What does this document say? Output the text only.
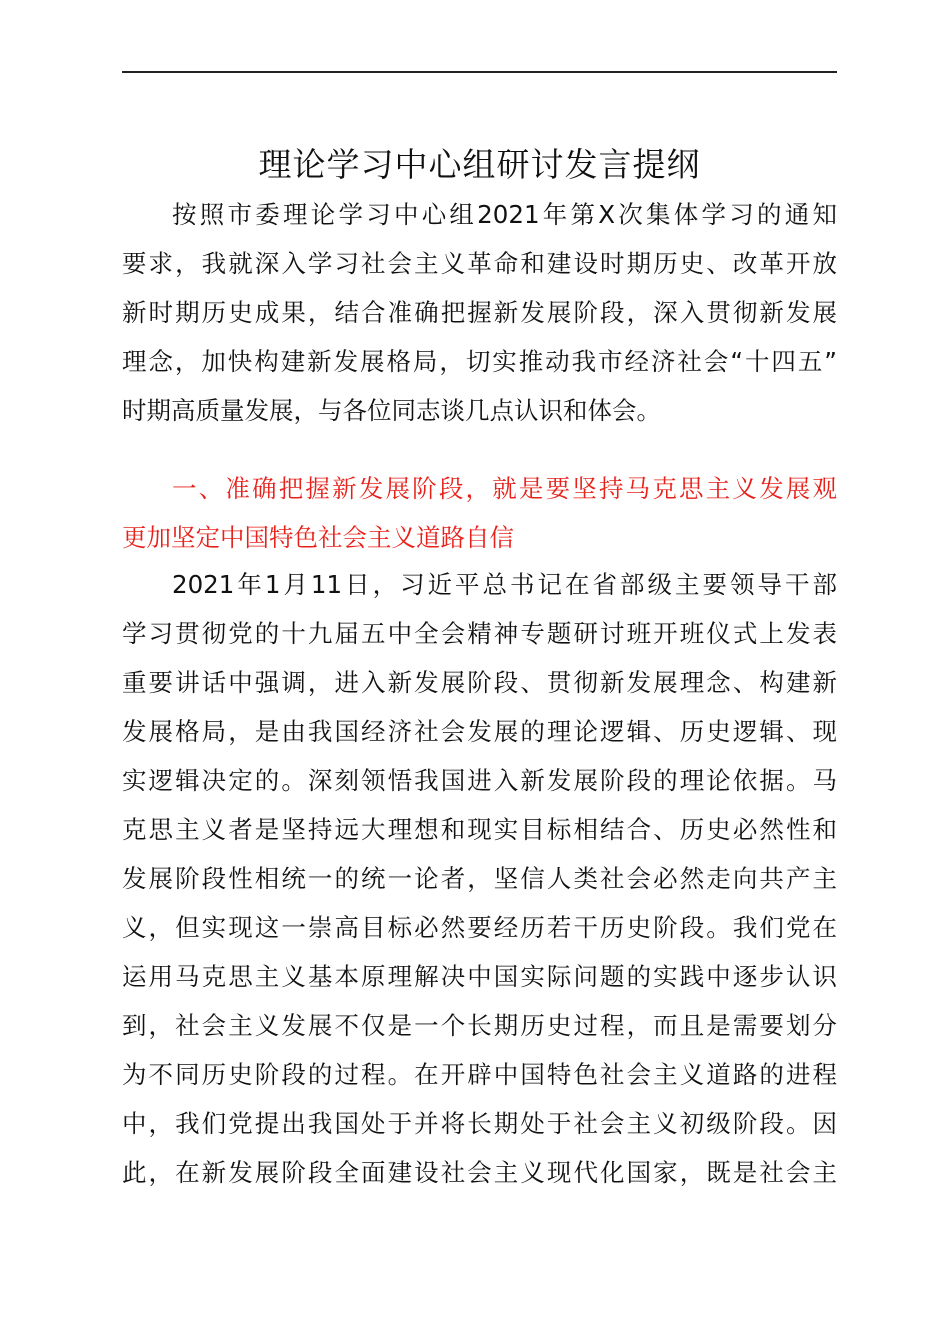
理论学习中心组研讨发言提纲
按照市委理论学习中心组2021年第X次集体学习的通知
要求，我就深入学习社会主义革命和建设时期历史、改革开放
新时期历史成果，结合准确把握新发展阶段，深入贯彻新发展
理念，加快构建新发展格局，切实推动我市经济社会“十四五”
时期高质量发展，与各位同志谈几点认识和体会。
一、准确把握新发展阶段，就是要坚持马克思主义发展观
更加坚定中国特色社会主义道路自信
2021年1月11日，习近平总书记在省部级主要领导干部
学习贯彻党的十九届五中全会精神专题研讨班开班仪式上发表
重要讲话中强调，进入新发展阶段、贯彻新发展理念、构建新
发展格局，是由我国经济社会发展的理论逻辑、历史逻辑、现
实逻辑决定的。深刻领悟我国进入新发展阶段的理论依据。马
克思主义者是坚持远大理想和现实目标相结合、历史必然性和
发展阶段性相统一的统一论者，坚信人类社会必然走向共产主
义，但实现这一崇高目标必然要经历若干历史阶段。我们党在
运用马克思主义基本原理解决中国实际问题的实践中逐步认识
到，社会主义发展不仅是一个长期历史过程，而且是需要划分
为不同历史阶段的过程。在开辟中国特色社会主义道路的进程
中，我们党提出我国处于并将长期处于社会主义初级阶段。因
此，在新发展阶段全面建设社会主义现代化国家，既是社会主
